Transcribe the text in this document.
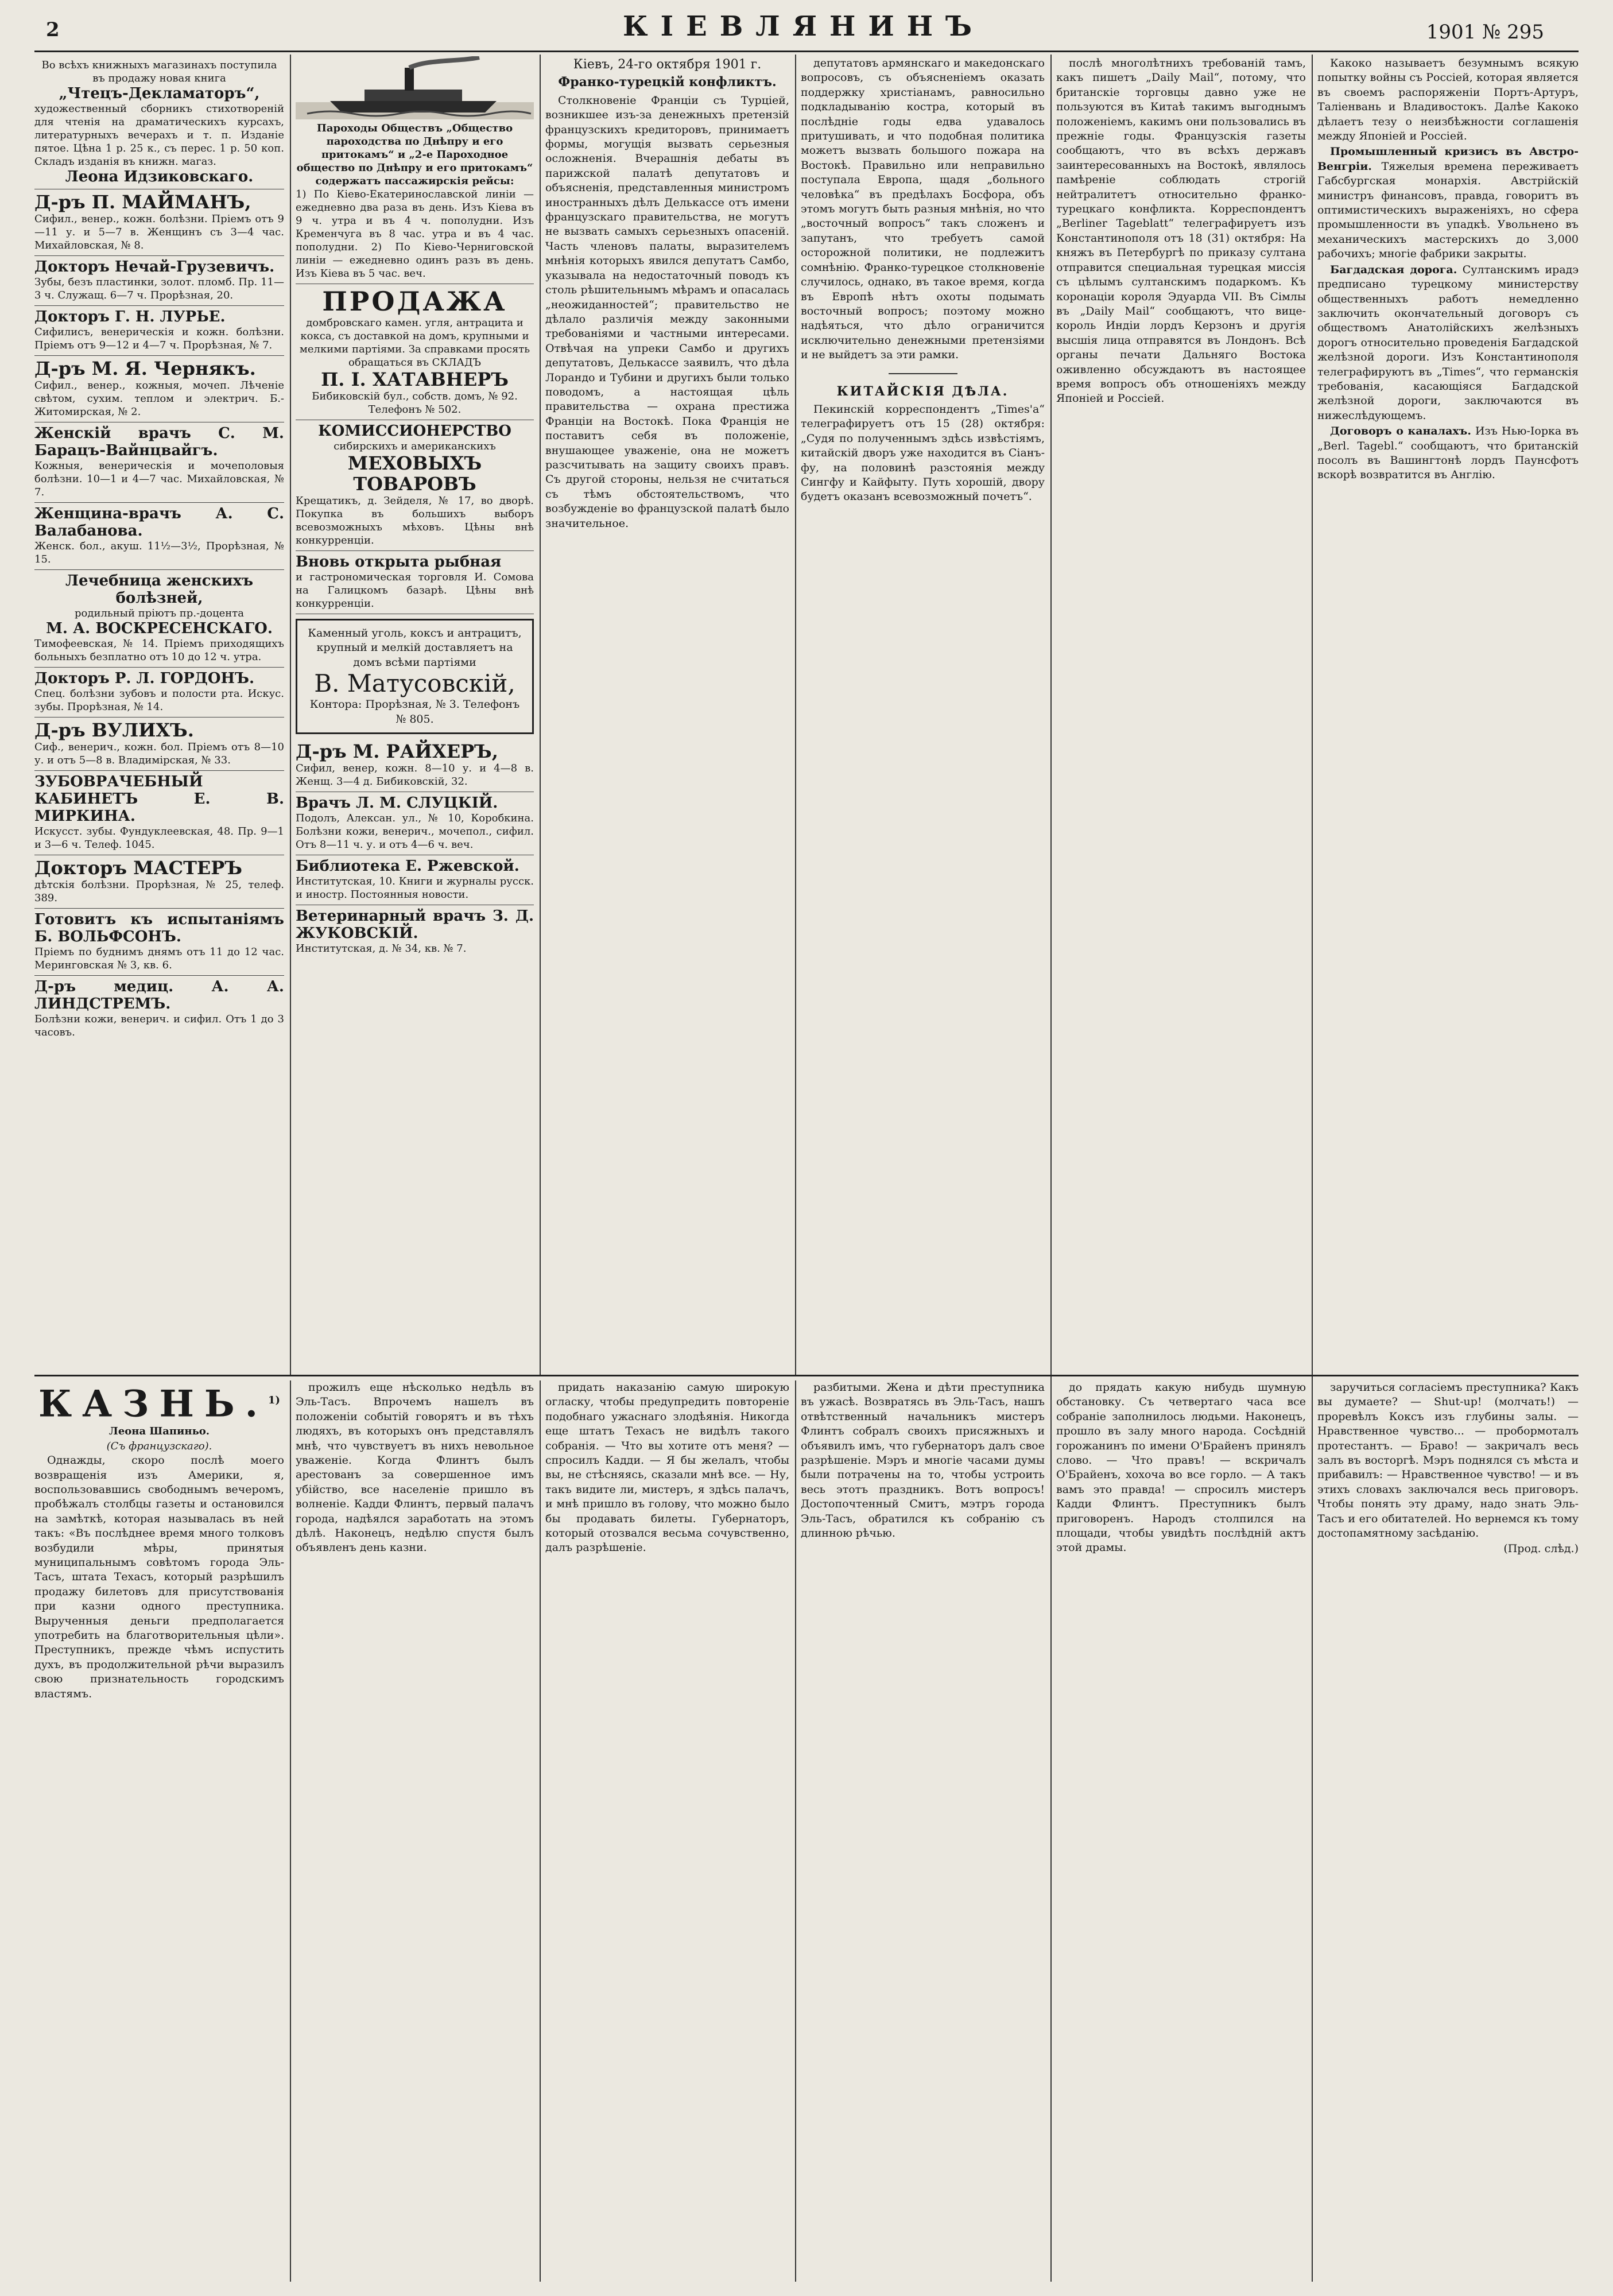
2	КІЕВЛЯНИНЪ	1901 № 295
Во всѣхъ книжныхъ магазинахъ поступила въ продажу новая книга
„Чтецъ-Декламаторъ“,
художественный сборникъ стихотвореній для чтенія на драматическихъ курсахъ, литературныхъ вечерахъ и т. п. Изданіе пятое. Цѣна 1 р. 25 к., съ перес. 1 р. 50 коп. Складъ изданія въ книжн. магаз.
Леона Идзиковскаго.
Д-ръ П. МАЙМАНЪ,
Сифил., венер., кожн. болѣзни. Пріемъ отъ 9—11 у. и 5—7 в. Женщинъ съ 3—4 час. Михайловская, № 8.
Докторъ Нечай-Грузевичъ.
Зубы, безъ пластинки, золот. пломб. Пр. 11—3 ч. Служащ. 6—7 ч. Прорѣзная, 20.
Докторъ Г. Н. ЛУРЬЕ.
Сифилисъ, венерическія и кожн. болѣзни. Пріемъ отъ 9—12 и 4—7 ч. Прорѣзная, № 7.
Д-ръ М. Я. Чернякъ.
Сифил., венер., кожныя, мочеп. Лѣченіе свѣтом, сухим. теплом и электрич. Б.-Житомирская, № 2.
Женскій врачъ С. М. Барацъ-Вайнцвайгъ.
Кожныя, венерическія и мочеполовыя болѣзни. 10—1 и 4—7 час. Михайловская, № 7.
Женщина-врачъ А. С. Валабанова.
Женск. бол., акуш. 11½—3½, Прорѣзная, № 15.
Лечебница женскихъ болѣзней,
родильный пріютъ пр.-доцента
М. А. ВОСКРЕСЕНСКАГО.
Тимофеевская, № 14. Пріемъ приходящихъ больныхъ безплатно отъ 10 до 12 ч. утра.
Докторъ Р. Л. ГОРДОНЪ.
Спец. болѣзни зубовъ и полости рта. Искус. зубы. Прорѣзная, № 14.
Д-ръ ВУЛИХЪ.
Сиф., венерич., кожн. бол. Пріемъ отъ 8—10 у. и отъ 5—8 в. Владимірская, № 33.
ЗУБОВРАЧЕБНЫЙ КАБИНЕТЪ Е. В. МИРКИНА.
Искусст. зубы. Фундуклеевская, 48. Пр. 9—1 и 3—6 ч. Телеф. 1045.
Докторъ МАСТЕРЪ
дѣтскія болѣзни. Прорѣзная, № 25, телеф. 389.
Готовитъ къ испытаніямъ Б. ВОЛЬФСОНЪ.
Пріемъ по буднимъ днямъ отъ 11 до 12 час. Меринговская № 3, кв. 6.
Д-ръ медиц. А. А. ЛИНДСТРЕМЪ.
Болѣзни кожи, венерич. и сифил. Отъ 1 до 3 часовъ.
Пароходы Обществъ „Общество пароходства по Днѣпру и его притокамъ“ и „2-е Пароходное общество по Днѣпру и его притокамъ“ содержатъ пассажирскія рейсы:
1) По Кіево-Екатеринославской линіи — ежедневно два раза въ день. Изъ Кіева въ 9 ч. утра и въ 4 ч. пополудни. Изъ Кременчуга въ 8 час. утра и въ 4 час. пополудни. 2) По Кіево-Черниговской линіи — ежедневно одинъ разъ въ день. Изъ Кіева въ 5 час. веч.
ПРОДАЖА
домбровскаго камен. угля, антрацита и кокса, съ доставкой на домъ, крупными и мелкими партіями. За справками просять обращаться въ СКЛАДЪ
П. І. ХАТАВНЕРЪ
Бибиковскій бул., собств. домъ, № 92. Телефонъ № 502.
КОМИССИОНЕРСТВО
сибирскихъ и американскихъ
МЕХОВЫХЪ ТОВАРОВЪ
Крещатикъ, д. Зейделя, № 17, во дворѣ. Покупка въ большихъ выборъ всевозможныхъ мѣховъ. Цѣны внѣ конкурренціи.
Вновь открыта рыбная
и гастрономическая торговля И. Сомова на Галицкомъ базарѣ. Цѣны внѣ конкурренціи.
Каменный уголь, коксъ и антрацитъ,
крупный и мелкій доставляетъ на домъ всѣми партіями
В. Матусовскій, Контора: Прорѣзная, № 3. Телефонъ № 805.
Д-ръ М. РАЙХЕРЪ,
Сифил, венер, кожн. 8—10 у. и 4—8 в. Женщ. 3—4 д. Бибиковскій, 32.
Врачъ Л. М. СЛУЦКІЙ.
Подолъ, Алексан. ул., № 10, Коробкина. Болѣзни кожи, венерич., мочепол., сифил. Отъ 8—11 ч. у. и отъ 4—6 ч. веч.
Библиотека Е. Ржевской.
Институтская, 10. Книги и журналы русск. и иностр. Постоянныя новости.
Ветеринарный врачъ З. Д. ЖУКОВСКІЙ.
Институтская, д. № 34, кв. № 7.
Кіевъ, 24-го октября 1901 г.
Франко-турецкій конфликтъ.

Столкновеніе Франціи съ Турціей, возникшее изъ-за денежныхъ претензій французскихъ кредиторовъ, принимаетъ формы, могущія вызвать серьезныя осложненія. Вчерашнія дебаты въ парижской палатѣ депутатовъ и объясненія, представленныя министромъ иностранныхъ дѣлъ Делькассе отъ имени французскаго правительства, не могутъ не вызвать самыхъ серьезныхъ опасеній. Часть членовъ палаты, выразителемъ мнѣнія которыхъ явился депутатъ Самбо, указывала на недостаточный поводъ къ столь рѣшительнымъ мѣрамъ и опасалась „неожиданностей“; правительство не дѣлало различія между законными требованіями и частными интересами. Отвѣчая на упреки Самбо и другихъ депутатовъ, Делькассе заявилъ, что дѣла Лорандо и Тубини и другихъ были только поводомъ, а настоящая цѣль правительства — охрана престижа Франціи на Востокѣ. Пока Франція не поставитъ себя въ положеніе, внушающее уваженіе, она не можетъ разсчитывать на защиту своихъ правъ. Съ другой стороны, нельзя не считаться съ тѣмъ обстоятельствомъ, что возбужденіе во французской палатѣ было значительное.

депутатовъ армянскаго и македонскаго вопросовъ, съ объясненіемъ оказать поддержку христіанамъ, равносильно подкладыванію костра, который въ послѣдніе годы едва удавалось притушивать, и что подобная политика можетъ вызвать большого пожара на Востокѣ. Правильно или неправильно поступала Европа, щадя „больного человѣка“ въ предѣлахъ Босфора, объ этомъ могутъ быть разныя мнѣнія, но что „восточный вопросъ“ такъ сложенъ и запутанъ, что требуетъ самой осторожной политики, не подлежитъ сомнѣнію. Франко-турецкое столкновеніе случилось, однако, въ такое время, когда въ Европѣ нѣтъ охоты подымать восточный вопросъ; поэтому можно надѣяться, что дѣло ограничится исключительно денежными претензіями и не выйдетъ за эти рамки.

КИТАЙСКІЯ ДѢЛА.

Пекинскій корреспондентъ „Times'a“ телеграфируетъ отъ 15 (28) октября: „Судя по полученнымъ здѣсь извѣстіямъ, китайскій дворъ уже находится въ Сіанъ-фу, на половинѣ разстоянія между Сингфу и Кайфыту. Путь хорошій, двору будетъ оказанъ всевозможный почетъ“.

послѣ многолѣтнихъ требованій тамъ, какъ пишетъ „Daily Mail“, потому, что британскіе торговцы давно уже не пользуются въ Китаѣ такимъ выгоднымъ положеніемъ, какимъ они пользовались въ прежніе годы. Французскія газеты сообщаютъ, что въ всѣхъ державъ заинтересованныхъ на Востокѣ, являлось памѣреніе соблюдать строгій нейтралитетъ относительно франко-турецкаго конфликта. Корреспондентъ „Berliner Tageblatt“ телеграфируетъ изъ Константинополя отъ 18 (31) октября: На княжъ въ Петербургѣ по приказу султана отправится специальная турецкая миссія съ цѣлымъ султанскимъ подаркомъ. Къ коронаціи короля Эдуарда VII. Въ Сімлы въ „Daily Mail“ сообщаютъ, что вице-король Индіи лордъ Керзонъ и другія высшія лица отправятся въ Лондонъ. Всѣ органы печати Дальняго Востока оживленно обсуждаютъ въ настоящее время вопросъ объ отношеніяхъ между Японіей и Россіей.

Какоко называетъ безумнымъ всякую попытку войны съ Россіей, которая является въ своемъ распоряженіи Портъ-Артуръ, Таліенвань и Владивостокъ. Далѣе Какоко дѣлаетъ тезу о неизбѣжности соглашенія между Японіей и Россіей.

Промышленный кризисъ въ Австро-Венгріи. Тяжелыя времена переживаетъ Габсбургская монархія. Австрійскій министръ финансовъ, правда, говоритъ въ оптимистическихъ выраженіяхъ, но сфера промышленности въ упадкѣ. Увольнено въ механическихъ мастерскихъ до 3,000 рабочихъ; многіе фабрики закрыты.

Багдадская дорога. Султанскимъ ирадэ предписано турецкому министерству общественныхъ работъ немедленно заключить окончательный договоръ съ обществомъ Анатолійскихъ желѣзныхъ дорогъ относительно проведенія Багдадской желѣзной дороги. Изъ Константинополя телеграфируютъ въ „Times“, что германскія требованія, касающіяся Багдадской желѣзной дороги, заключаются въ нижеслѣдующемъ.

Договоръ о каналахъ. Изъ Нью-Іорка въ „Berl. Tagebl.“ сообщаютъ, что британскій посолъ въ Вашингтонѣ лордъ Паунсфотъ вскорѣ возвратится въ Англію.

КАЗНЬ.$^{1)}$
Леона Шапиньо.
(Съ французскаго).

Однажды, скоро послѣ моего возвращенія изъ Америки, я, воспользовавшись свободнымъ вечеромъ, пробѣжалъ столбцы газеты и остановился на замѣткѣ, которая называлась въ ней такъ: «Въ послѣднее время много толковъ возбудили мѣры, принятыя муниципальнымъ совѣтомъ города Эль-Тасъ, штата Техасъ, который разрѣшилъ продажу билетовъ для присутствованія при казни одного преступника. Вырученныя деньги предполагается употребить на благотворительныя цѣли». Преступникъ, прежде чѣмъ испустить духъ, въ продолжительной рѣчи выразилъ свою признательность городскимъ властямъ.

прожилъ еще нѣсколько недѣль въ Эль-Тасъ. Впрочемъ нашелъ въ положеніи событій говорятъ и въ тѣхъ людяхъ, въ которыхъ онъ представлялъ мнѣ, что чувствуетъ въ нихъ невольное уваженіе. Когда Флинтъ былъ арестованъ за совершенное имъ убійство, все населеніе пришло въ волненіе. Кадди Флинтъ, первый палачъ города, надѣялся заработать на этомъ дѣлѣ. Наконецъ, недѣлю спустя былъ объявленъ день казни.

придать наказанію самую широкую огласку, чтобы предупредить повтореніе подобнаго ужаснаго злодѣянія. Никогда еще штатъ Техасъ не видѣлъ такого собранія. — Что вы хотите отъ меня? — спросилъ Кадди. — Я бы желалъ, чтобы вы, не стѣсняясь, сказали мнѣ все. — Ну, такъ видите ли, мистеръ, я здѣсь палачъ, и мнѣ пришло въ голову, что можно было бы продавать билеты. Губернаторъ, который отозвался весьма сочувственно, далъ разрѣшеніе.

разбитыми. Жена и дѣти преступника въ ужасѣ. Возвратясь въ Эль-Тасъ, нашъ отвѣтственный начальникъ мистеръ Флинтъ собралъ своихъ присяжныхъ и объявилъ имъ, что губернаторъ далъ свое разрѣшеніе. Мэръ и многіе часами думы были потрачены на то, чтобы устроить весь этотъ праздникъ. Вотъ вопросъ! Достопочтенный Смитъ, мэтръ города Эль-Тасъ, обратился къ собранію съ длинною рѣчью.

до прядать какую нибудь шумную обстановку. Съ четвертаго часа все собраніе заполнилось людьми. Наконецъ, прошло въ залу много народа. Сосѣдній горожанинъ по имени О'Брайенъ принялъ слово. — Что правъ! — вскричалъ О'Брайенъ, хохоча во все горло. — А такъ вамъ это правда! — спросилъ мистеръ Кадди Флинтъ. Преступникъ былъ приговоренъ. Народъ столпился на площади, чтобы увидѣть послѣдній актъ этой драмы.

заручиться согласіемъ преступника? Какъ вы думаете? — Shut-up! (молчать!) — проревѣлъ Коксъ изъ глубины залы. — Нравственное чувство... — пробормоталъ протестантъ. — Браво! — закричалъ весь залъ въ восторгѣ. Мэръ поднялся съ мѣста и прибавилъ: — Нравственное чувство! — и въ этихъ словахъ заключался весь приговоръ. Чтобы понять эту драму, надо знать Эль-Тасъ и его обитателей. Но вернемся къ тому достопамятному засѣданію.

(Прод. слѣд.)
